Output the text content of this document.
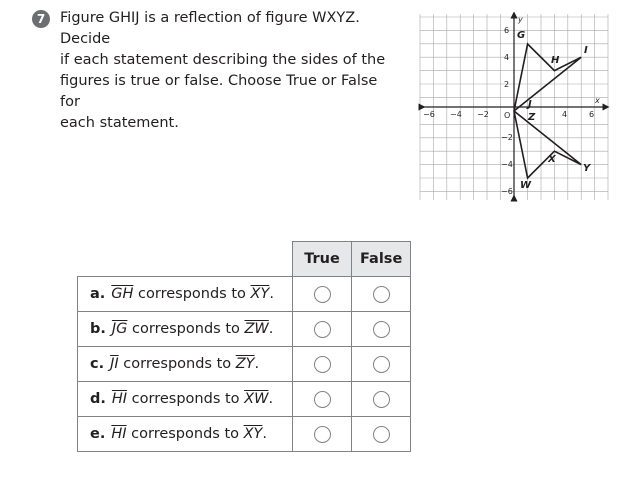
7	Figure GHIJ is a reflection of figure WXYZ. Decide
if each statement describing the sides of the
figures is true or false. Choose True or False for
each statement.
−6 −4 −2	4	6
6
4
2
−2
−4
−6
O
x
y
G
H
I
J
Z
X
Y
W
	True	False
a. $\overline{GH}$ corresponds to $\overline{XY}$.		
b. $\overline{JG}$ corresponds to $\overline{ZW}$.		
c. $\overline{JI}$ corresponds to $\overline{ZY}$.		
d. $\overline{HI}$ corresponds to $\overline{XW}$.		
e. $\overline{HI}$ corresponds to $\overline{XY}$.		
